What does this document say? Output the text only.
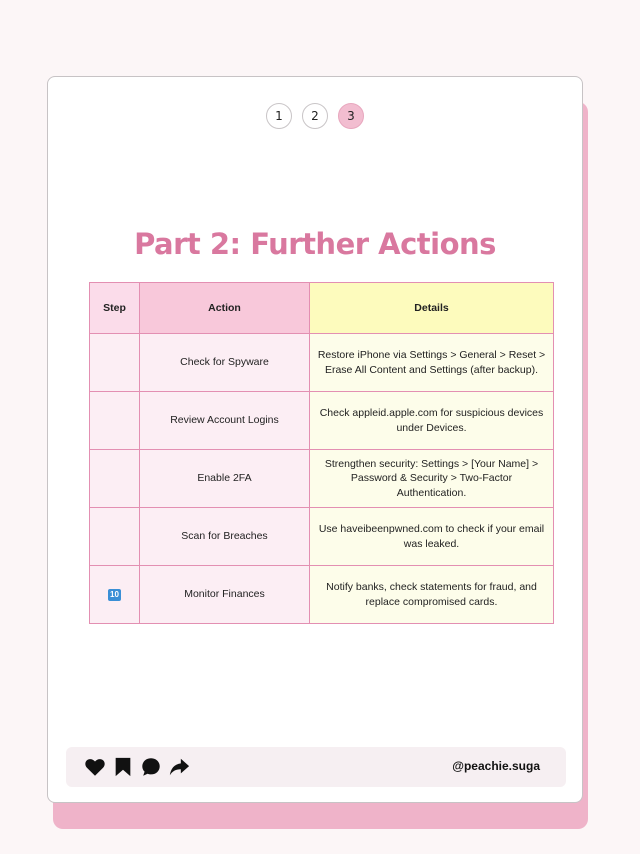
1	2	3
Part 2: Further Actions
Step	Action	Details
	Check for Spyware	Restore iPhone via Settings > General > Reset > Erase All Content and Settings (after backup).
	Review Account Logins	Check appleid.apple.com for suspicious devices under Devices.
	Enable 2FA	Strengthen security: Settings > [Your Name] > Password & Security > Two-Factor Authentication.
	Scan for Breaches	Use haveibeenpwned.com to check if your email was leaked.
10	Monitor Finances	Notify banks, check statements for fraud, and replace compromised cards.
@peachie.suga
